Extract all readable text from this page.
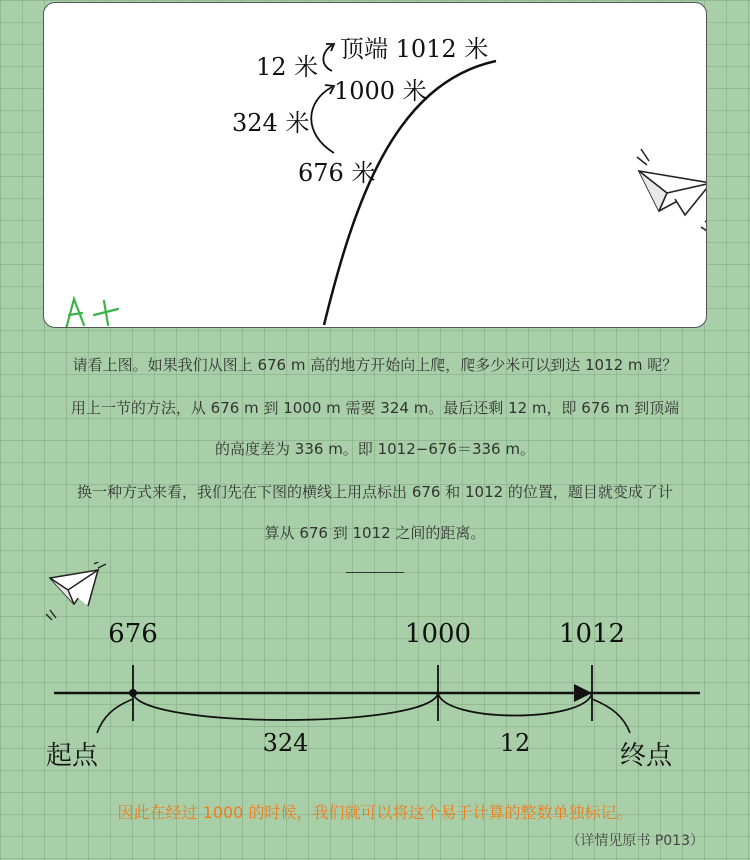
顶端 1012 米
12 米
1000 米
324 米
676 米
请看上图。如果我们从图上 676 m 高的地方开始向上爬，爬多少米可以到达 1012 m 呢？
用上一节的方法，从 676 m 到 1000 m 需要 324 m。最后还剩 12 m，即 676 m 到顶端
的高度差为 336 m。即 1012−676＝336 m。
换一种方式来看，我们先在下图的横线上用点标出 676 和 1012 的位置，题目就变成了计
算从 676 到 1012 之间的距离。
676	1000	1012
324	12
起点	终点
因此在经过 1000 的时候，我们就可以将这个易于计算的整数单独标记。
（详情见原书 P013）
